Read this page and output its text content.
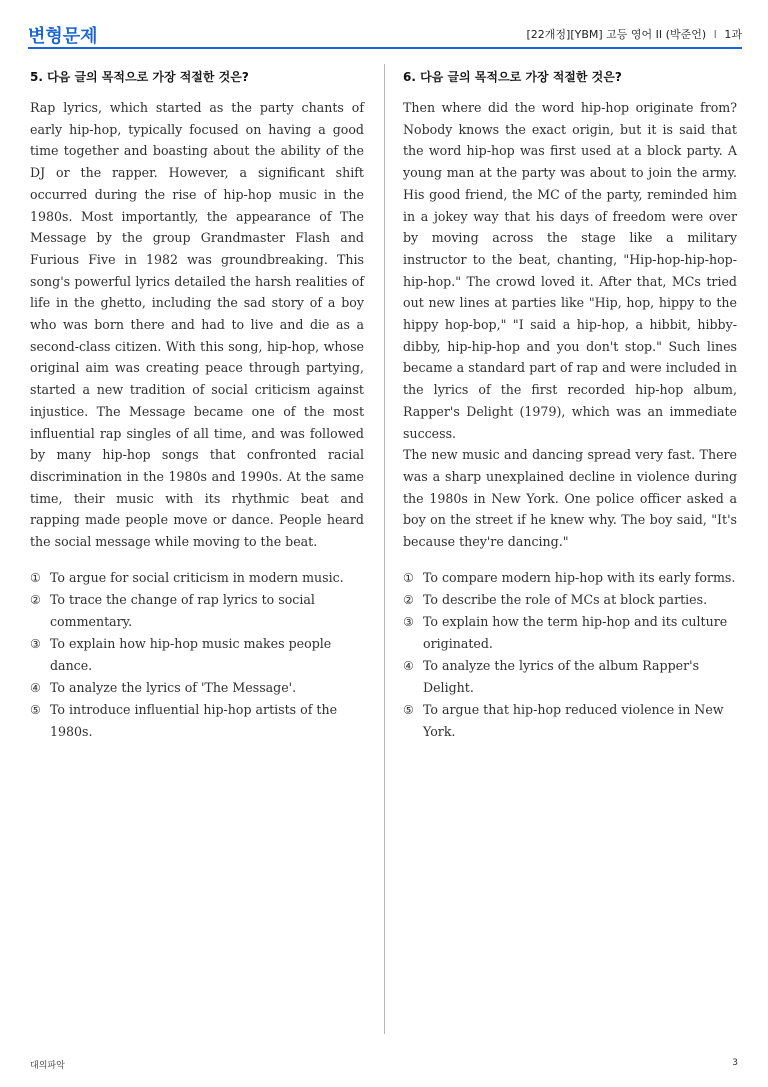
변형문제	[22개정][YBM] 고등 영어 II (박준언) I 1과
5. 다음 글의 목적으로 가장 적절한 것은?

Rap lyrics, which started as the party chants of early hip-hop, typically focused on having a good time together and boasting about the ability of the DJ or the rapper. However, a significant shift occurred during the rise of hip-hop music in the 1980s. Most importantly, the appearance of The Message by the group Grandmaster Flash and Furious Five in 1982 was groundbreaking. This song's powerful lyrics detailed the harsh realities of life in the ghetto, including the sad story of a boy who was born there and had to live and die as a second-class citizen. With this song, hip-hop, whose original aim was creating peace through partying, started a new tradition of social criticism against injustice. The Message became one of the most influential rap singles of all time, and was followed by many hip-hop songs that confronted racial discrimination in the 1980s and 1990s. At the same time, their music with its rhythmic beat and rapping made people move or dance. People heard the social message while moving to the beat.

① To argue for social criticism in modern music.
② To trace the change of rap lyrics to social commentary.
③ To explain how hip-hop music makes people dance.
④ To analyze the lyrics of 'The Message'.
⑤ To introduce influential hip-hop artists of the 1980s.
6. 다음 글의 목적으로 가장 적절한 것은?

Then where did the word hip-hop originate from? Nobody knows the exact origin, but it is said that the word hip-hop was first used at a block party. A young man at the party was about to join the army. His good friend, the MC of the party, reminded him in a jokey way that his days of freedom were over by moving across the stage like a military instructor to the beat, chanting, "Hip-hop-hip-hop-hip-hop." The crowd loved it. After that, MCs tried out new lines at parties like "Hip, hop, hippy to the hippy hop-bop," "I said a hip-hop, a hibbit, hibby-dibby, hip-hip-hop and you don't stop." Such lines became a standard part of rap and were included in the lyrics of the first recorded hip-hop album, Rapper's Delight (1979), which was an immediate success.

The new music and dancing spread very fast. There was a sharp unexplained decline in violence during the 1980s in New York. One police officer asked a boy on the street if he knew why. The boy said, "It's because they're dancing."

① To compare modern hip-hop with its early forms.
② To describe the role of MCs at block parties.
③ To explain how the term hip-hop and its culture originated.
④ To analyze the lyrics of the album Rapper's Delight.
⑤ To argue that hip-hop reduced violence in New York.
대의파악	3
